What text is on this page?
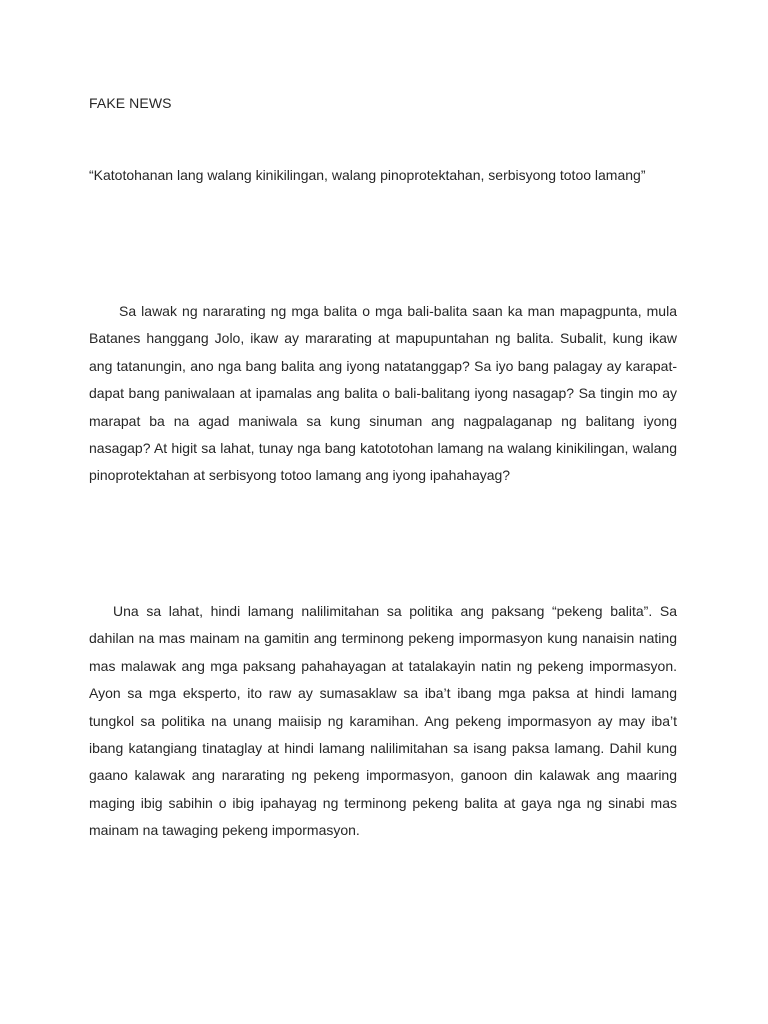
FAKE NEWS

“Katotohanan lang walang kinikilingan, walang pinoprotektahan, serbisyong totoo lamang”

Sa lawak ng nararating ng mga balita o mga bali-balita saan ka man mapagpunta, mula Batanes hanggang Jolo, ikaw ay mararating at mapupuntahan ng balita. Subalit, kung ikaw ang tatanungin, ano nga bang balita ang iyong natatanggap? Sa iyo bang palagay ay karapat-dapat bang paniwalaan at ipamalas ang balita o bali-balitang iyong nasagap? Sa tingin mo ay marapat ba na agad maniwala sa kung sinuman ang nagpalaganap ng balitang iyong nasagap? At higit sa lahat, tunay nga bang katototohan lamang na walang kinikilingan, walang pinoprotektahan at serbisyong totoo lamang ang iyong ipahahayag?

Una sa lahat, hindi lamang nalilimitahan sa politika ang paksang “pekeng balita”. Sa dahilan na mas mainam na gamitin ang terminong pekeng impormasyon kung nanaisin nating mas malawak ang mga paksang pahahayagan at tatalakayin natin ng pekeng impormasyon. Ayon sa mga eksperto, ito raw ay sumasaklaw sa iba’t ibang mga paksa at hindi lamang tungkol sa politika na unang maiisip ng karamihan. Ang pekeng impormasyon ay may iba’t ibang katangiang tinataglay at hindi lamang nalilimitahan sa isang paksa lamang. Dahil kung gaano kalawak ang nararating ng pekeng impormasyon, ganoon din kalawak ang maaring maging ibig sabihin o ibig ipahayag ng terminong pekeng balita at gaya nga ng sinabi mas mainam na tawaging pekeng impormasyon.
